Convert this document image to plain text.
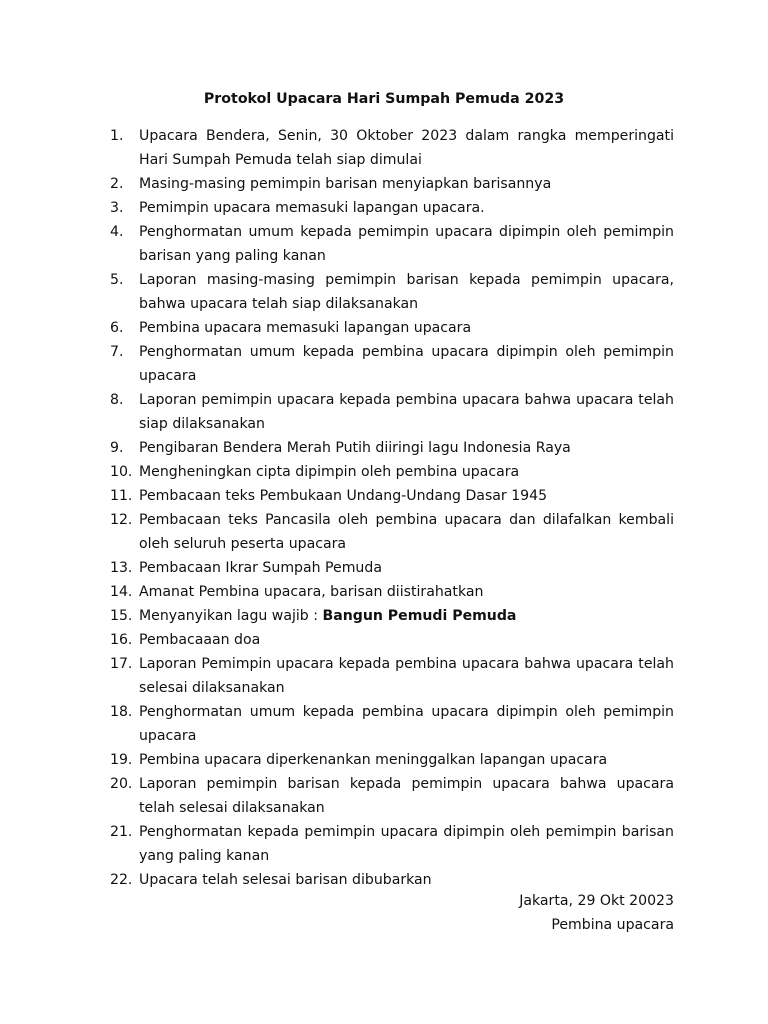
Protokol Upacara Hari Sumpah Pemuda 2023
1. Upacara Bendera, Senin, 30 Oktober 2023 dalam rangka memperingati Hari Sumpah Pemuda telah siap dimulai
2. Masing-masing pemimpin barisan menyiapkan barisannya
3. Pemimpin upacara memasuki lapangan upacara.
4. Penghormatan umum kepada pemimpin upacara dipimpin oleh pemimpin barisan yang paling kanan
5. Laporan masing-masing pemimpin barisan kepada pemimpin upacara, bahwa upacara telah siap dilaksanakan
6. Pembina upacara memasuki lapangan upacara
7. Penghormatan umum kepada pembina upacara dipimpin oleh pemimpin upacara
8. Laporan pemimpin upacara kepada pembina upacara bahwa upacara telah siap dilaksanakan
9. Pengibaran Bendera Merah Putih diiringi lagu Indonesia Raya
10. Mengheningkan cipta dipimpin oleh pembina upacara
11. Pembacaan teks Pembukaan Undang-Undang Dasar 1945
12. Pembacaan teks Pancasila oleh pembina upacara dan dilafalkan kembali oleh seluruh peserta upacara
13. Pembacaan Ikrar Sumpah Pemuda
14. Amanat Pembina upacara, barisan diistirahatkan
15. Menyanyikan lagu wajib : Bangun Pemudi Pemuda
16. Pembacaaan doa
17. Laporan Pemimpin upacara kepada pembina upacara bahwa upacara telah selesai dilaksanakan
18. Penghormatan umum kepada pembina upacara dipimpin oleh pemimpin upacara
19. Pembina upacara diperkenankan meninggalkan lapangan upacara
20. Laporan pemimpin barisan kepada pemimpin upacara bahwa upacara telah selesai dilaksanakan
21. Penghormatan kepada pemimpin upacara dipimpin oleh pemimpin barisan yang paling kanan
22. Upacara telah selesai barisan dibubarkan
Jakarta, 29 Okt 20023
Pembina upacara
